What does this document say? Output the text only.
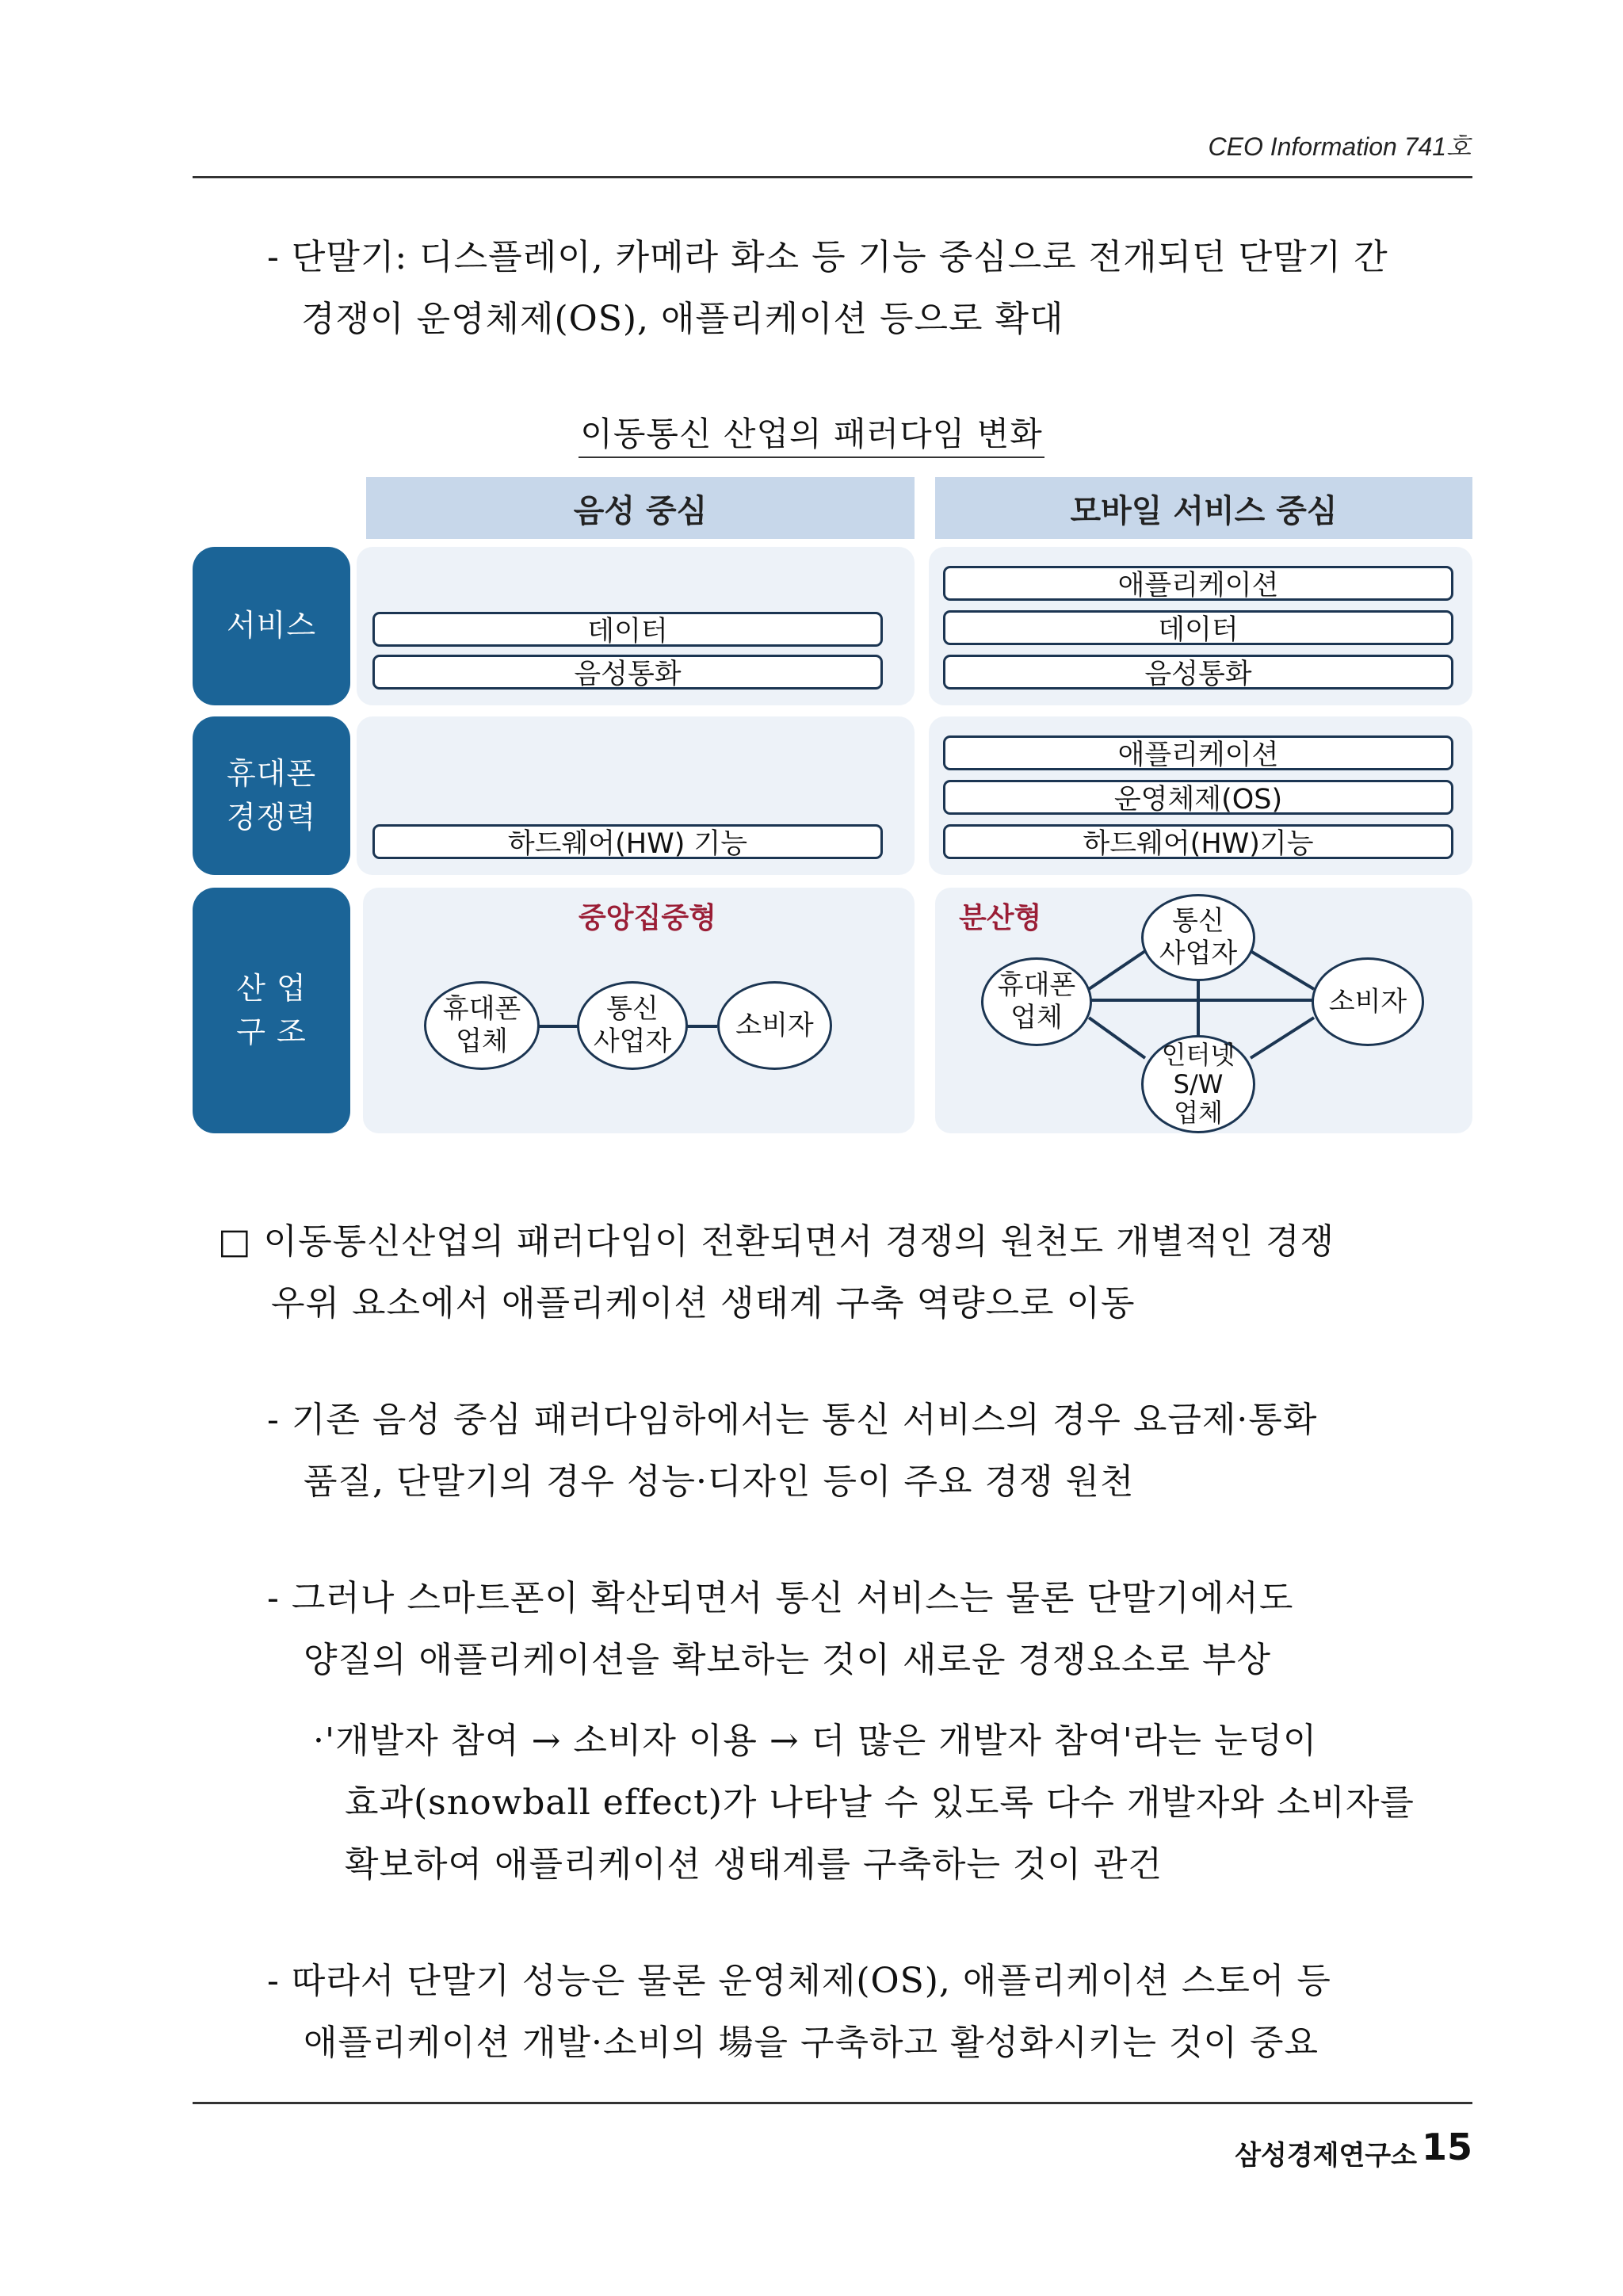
CEO Information 741호
- 단말기: 디스플레이, 카메라 화소 등 기능 중심으로 전개되던 단말기 간
경쟁이 운영체제(OS), 애플리케이션 등으로 확대
이동통신 산업의 패러다임 변화
음성 중심	모바일 서비스 중심
서비스
휴대폰
경쟁력
산 업
구 조
데이터
음성통화
애플리케이션
데이터
음성통화
하드웨어(HW) 기능
애플리케이션
운영체제(OS)
하드웨어(HW)기능
중앙집중형	분산형
휴대폰
업체
통신
사업자
소비자
통신
사업자
휴대폰
업체
소비자
인터넷
S/W
업체
□ 이동통신산업의 패러다임이 전환되면서 경쟁의 원천도 개별적인 경쟁
우위 요소에서 애플리케이션 생태계 구축 역량으로 이동
- 기존 음성 중심 패러다임하에서는 통신 서비스의 경우 요금제·통화
품질, 단말기의 경우 성능·디자인 등이 주요 경쟁 원천
- 그러나 스마트폰이 확산되면서 통신 서비스는 물론 단말기에서도
양질의 애플리케이션을 확보하는 것이 새로운 경쟁요소로 부상
·'개발자 참여 → 소비자 이용 → 더 많은 개발자 참여'라는 눈덩이
효과(snowball effect)가 나타날 수 있도록 다수 개발자와 소비자를
확보하여 애플리케이션 생태계를 구축하는 것이 관건
- 따라서 단말기 성능은 물론 운영체제(OS), 애플리케이션 스토어 등
애플리케이션 개발·소비의 場을 구축하고 활성화시키는 것이 중요
삼성경제연구소 15
